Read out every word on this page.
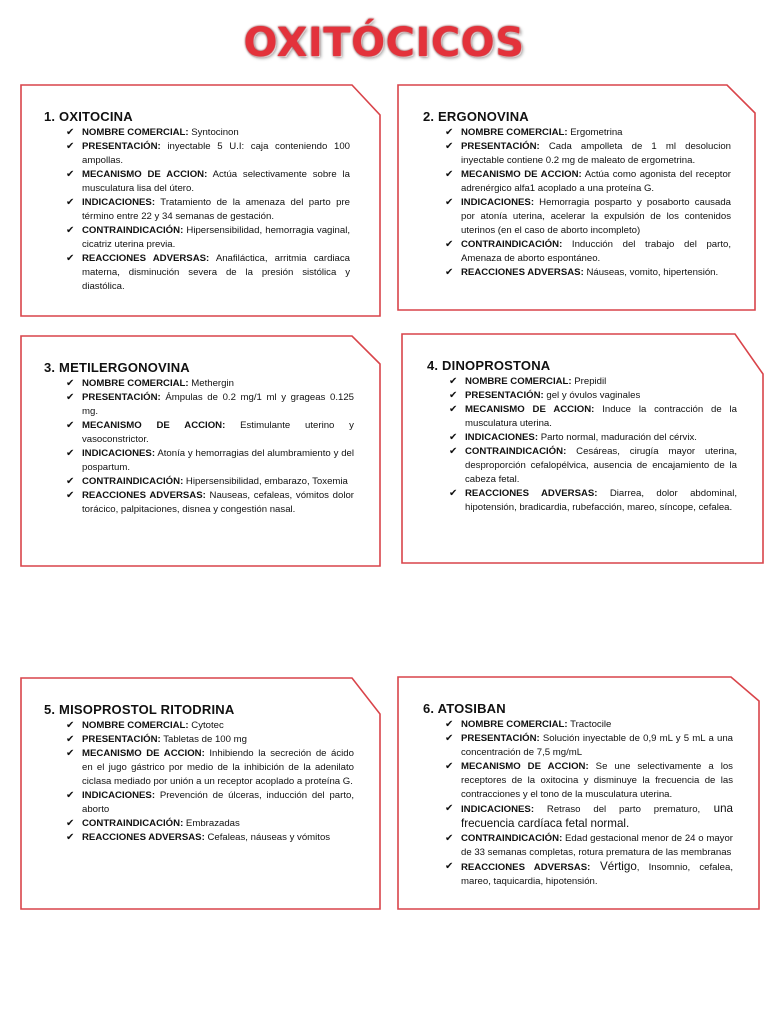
OXITÓCICOS
1. OXITOCINA
✔ NOMBRE COMERCIAL: Syntocinon
✔ PRESENTACIÓN: inyectable 5 U.I: caja conteniendo 100 ampollas.
✔ MECANISMO DE ACCION: Actúa selectivamente sobre la musculatura lisa del útero.
✔ INDICACIONES: Tratamiento de la amenaza del parto pre término entre 22 y 34 semanas de gestación.
✔ CONTRAINDICACIÓN: Hipersensibilidad, hemorragia vaginal, cicatriz uterina previa.
✔ REACCIONES ADVERSAS: Anafiláctica, arritmia cardiaca materna, disminución severa de la presión sistólica y diastólica.
2. ERGONOVINA
✔ NOMBRE COMERCIAL: Ergometrina
✔ PRESENTACIÓN: Cada ampolleta de 1 ml desolucion inyectable contiene 0.2 mg de maleato de ergometrina.
✔ MECANISMO DE ACCION: Actúa como agonista del receptor adrenérgico alfa1 acoplado a una proteína G.
✔ INDICACIONES: Hemorragia posparto y posaborto causada por atonía uterina, acelerar la expulsión de los contenidos uterinos (en el caso de aborto incompleto)
✔ CONTRAINDICACIÓN: Inducción del trabajo del parto, Amenaza de aborto espontáneo.
✔ REACCIONES ADVERSAS: Náuseas, vomito, hipertensión.
3. METILERGONOVINA
✔ NOMBRE COMERCIAL: Methergin
✔ PRESENTACIÓN: Ámpulas de 0.2 mg/1 ml y grageas 0.125 mg.
✔ MECANISMO DE ACCION: Estimulante uterino y vasoconstrictor.
✔ INDICACIONES: Atonía y hemorragias del alumbramiento y del pospartum.
✔ CONTRAINDICACIÓN: Hipersensibilidad, embarazo, Toxemia
✔ REACCIONES ADVERSAS: Nauseas, cefaleas, vómitos dolor torácico, palpitaciones, disnea y congestión nasal.
4. DINOPROSTONA
✔ NOMBRE COMERCIAL: Prepidil
✔ PRESENTACIÓN: gel y óvulos vaginales
✔ MECANISMO DE ACCION: Induce la contracción de la musculatura uterina.
✔ INDICACIONES: Parto normal, maduración del cérvix.
✔ CONTRAINDICACIÓN: Cesáreas, cirugía mayor uterina, desproporción cefalopélvica, ausencia de encajamiento de la cabeza fetal.
✔ REACCIONES ADVERSAS: Diarrea, dolor abdominal, hipotensión, bradicardia, rubefacción, mareo, síncope, cefalea.
5. MISOPROSTOL RITODRINA
✔ NOMBRE COMERCIAL: Cytotec
✔ PRESENTACIÓN: Tabletas de 100 mg
✔ MECANISMO DE ACCION: Inhibiendo la secreción de ácido en el jugo gástrico por medio de la inhibición de la adenilato ciclasa mediado por unión a un receptor acoplado a proteína G.
✔ INDICACIONES: Prevención de úlceras, inducción del parto, aborto
✔ CONTRAINDICACIÓN: Embrazadas
✔ REACCIONES ADVERSAS: Cefaleas, náuseas y vómitos
6. ATOSIBAN
✔ NOMBRE COMERCIAL: Tractocile
✔ PRESENTACIÓN: Solución inyectable de 0,9 mL y 5 mL a una concentración de 7,5 mg/mL
✔ MECANISMO DE ACCION: Se une selectivamente a los receptores de la oxitocina y disminuye la frecuencia de las contracciones y el tono de la musculatura uterina.
✔ INDICACIONES: Retraso del parto prematuro, una frecuencia cardíaca fetal normal.
✔ CONTRAINDICACIÓN: Edad gestacional menor de 24 o mayor de 33 semanas completas, rotura prematura de las membranas
✔ REACCIONES ADVERSAS: Vértigo, Insomnio, cefalea, mareo, taquicardia, hipotensión.
